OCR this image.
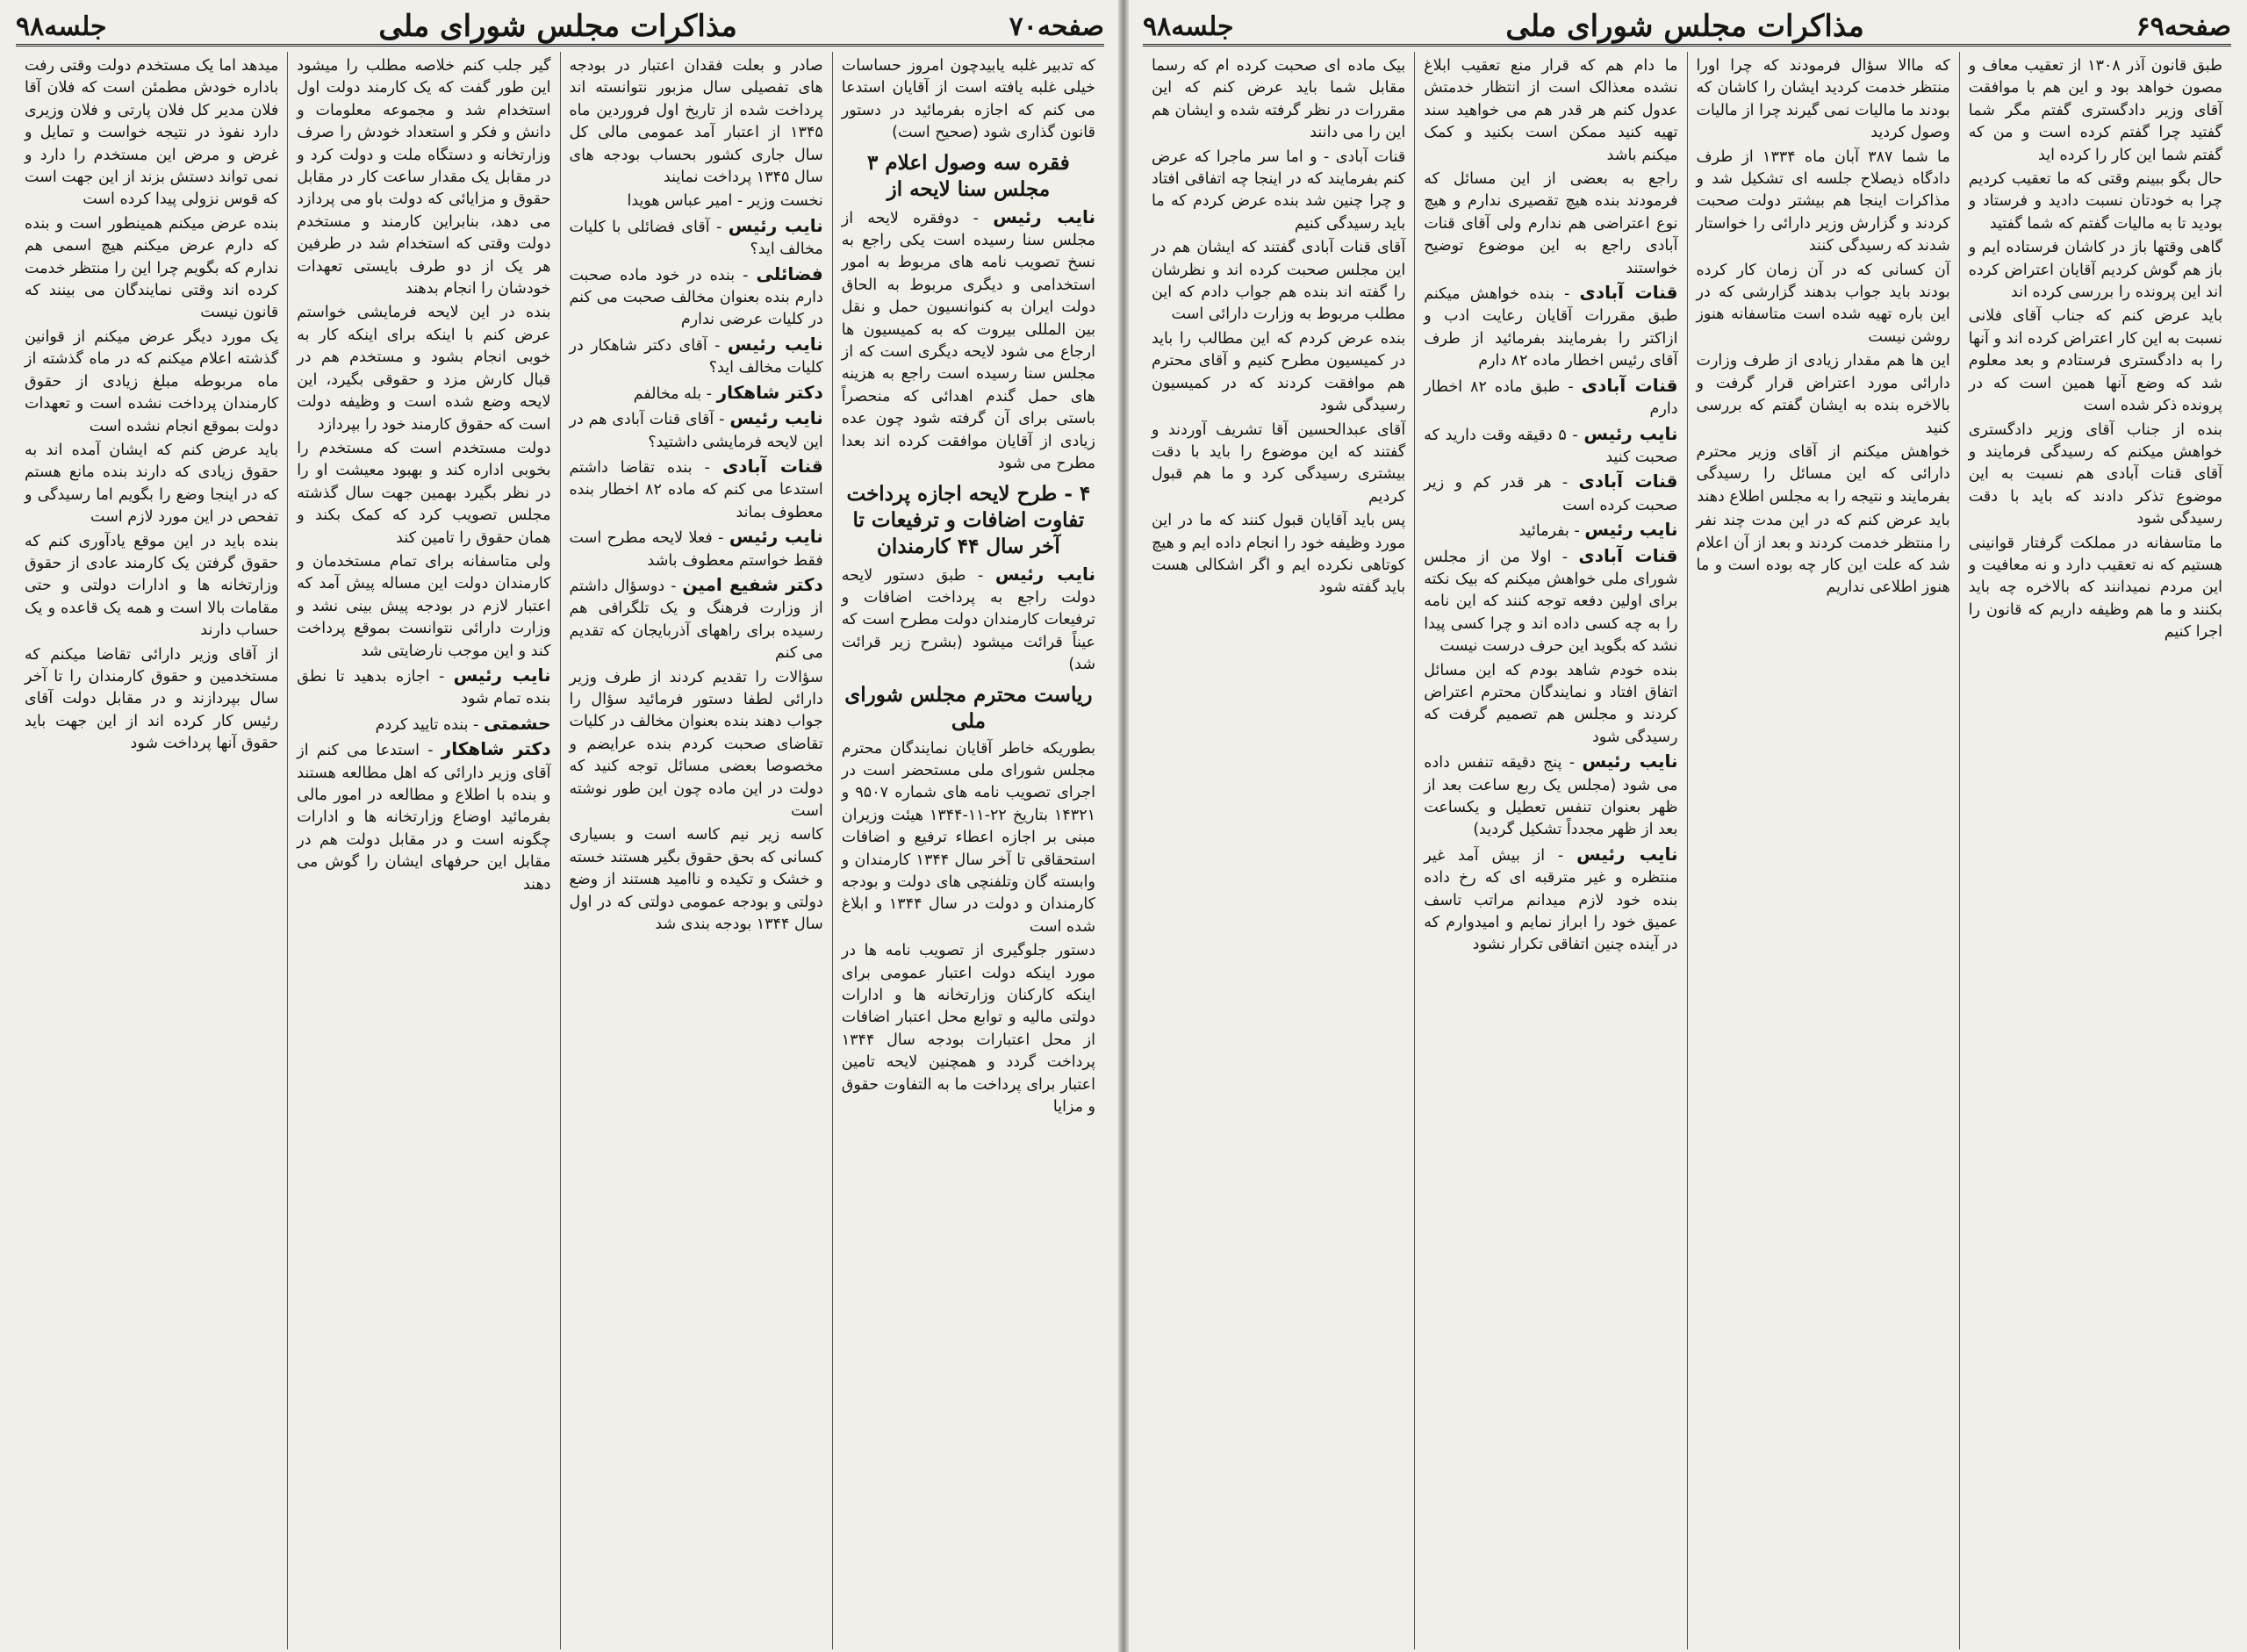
صفحه۷۰
مذاکرات مجلس شورای ملی
جلسه۹۸

که تدبیر غلبه یابیدچون امروز حساسات خیلی غلبه یافته است از آقایان استدعا می کنم که اجازه بفرمائید در دستور قانون گذاری شود (صحیح است)

فقره سه وصول اعلام ۳ مجلس سنا لایحه از

نایب رئیس - دوفقره لایحه از مجلس سنا رسیده است یکی راجع به نسخ تصویب نامه های مربوط به امور استخدامی و دیگری مربوط به الحاق دولت ایران به کنوانسیون حمل و نقل بین المللی بیروت که به کمیسیون ها ارجاع می شود لایحه دیگری است که از مجلس سنا رسیده است راجع به هزینه های حمل گندم اهدائی که منحصراً باستی برای آن گرفته شود چون عده زیادی از آقایان موافقت کرده اند بعدا مطرح می شود

۴ - طرح لایحه اجازه پرداخت تفاوت اضافات و ترفیعات تا آخر سال ۴۴ کارمندان

نایب رئیس - طبق دستور لایحه دولت راجع به پرداخت اضافات و ترفیعات کارمندان دولت مطرح است که عیناً قرائت میشود (بشرح زیر قرائت شد)

ریاست محترم مجلس شورای ملی

بطوریکه خاطر آقایان نمایندگان محترم مجلس شورای ملی مستحضر است در اجرای تصویب نامه های شماره ۹۵۰۷ و ۱۴۳۲۱ بتاریخ ۲۲-۱۱-۱۳۴۴ هیئت وزیران مبنی بر اجازه اعطاء ترفیع و اضافات استحقاقی تا آخر سال ۱۳۴۴ کارمندان و وابسته گان وتلفنچی های دولت و بودجه کارمندان و دولت در سال ۱۳۴۴ و ابلاغ شده است

دستور جلوگیری از تصویب نامه ها در مورد اینکه دولت اعتبار عمومی برای اینکه کارکنان وزارتخانه ها و ادارات دولتی مالیه و توابع محل اعتبار اضافات از محل اعتبارات بودجه سال ۱۳۴۴ پرداخت گردد و همچنین لایحه تامین اعتبار برای پرداخت ما به التفاوت حقوق و مزایا

صادر و بعلت فقدان اعتبار در بودجه های تفصیلی سال مزبور نتوانسته اند پرداخت شده از تاریخ اول فروردین ماه ۱۳۴۵ از اعتبار آمد عمومی مالی کل سال جاری کشور بحساب بودجه های سال ۱۳۴۵ پرداخت نمایند

نخست وزیر - امیر عباس هویدا

نایب رئیس - آقای فضائلی با کلیات مخالف اید؟

فضائلی - بنده در خود ماده صحبت دارم بنده بعنوان مخالف صحبت می کنم در کلیات عرضی ندارم

نایب رئیس - آقای دکتر شاهکار در کلیات مخالف اید؟

دکتر شاهکار - بله مخالفم

نایب رئیس - آقای قنات آبادی هم در این لایحه فرمایشی داشتید؟

قنات آبادی - بنده تقاضا داشتم استدعا می کنم که ماده ۸۲ اخطار بنده معطوف بماند

نایب رئیس - فعلا لایحه مطرح است فقط خواستم معطوف باشد

دکتر شفیع امین - دوسؤال داشتم از وزارت فرهنگ و یک تلگرافی هم رسیده برای راههای آذربایجان که تقدیم می کنم

سؤالات را تقدیم کردند از طرف وزیر دارائی لطفا دستور فرمائید سؤال را جواب دهند بنده بعنوان مخالف در کلیات تقاضای صحبت کردم بنده عرایضم و مخصوصا بعضی مسائل توجه کنید که دولت در این ماده چون این طور نوشته است

کاسه زیر نیم کاسه است و بسیاری کسانی که بحق حقوق بگیر هستند خسته و خشک و تکیده و ناامید هستند از وضع دولتی و بودجه عمومی دولتی که در اول سال ۱۳۴۴ بودجه بندی شد

گیر جلب کنم خلاصه مطلب را میشود این طور گفت که یک کارمند دولت اول استخدام شد و مجموعه معلومات و دانش و فکر و استعداد خودش را صرف وزارتخانه و دستگاه ملت و دولت کرد و در مقابل یک مقدار ساعت کار در مقابل حقوق و مزایائی که دولت باو می پردازد می دهد، بنابراین کارمند و مستخدم دولت وقتی که استخدام شد در طرفین هر یک از دو طرف بایستی تعهدات خودشان را انجام بدهند

بنده در این لایحه فرمایشی خواستم عرض کنم با اینکه برای اینکه کار به خوبی انجام بشود و مستخدم هم در قبال کارش مزد و حقوقی بگیرد، این لایحه وضع شده است و وظیفه دولت است که حقوق کارمند خود را بپردازد

دولت مستخدم است که مستخدم را بخوبی اداره کند و بهبود معیشت او را در نظر بگیرد بهمین جهت سال گذشته مجلس تصویب کرد که کمک بکند و همان حقوق را تامین کند

ولی متاسفانه برای تمام مستخدمان و کارمندان دولت این مساله پیش آمد که اعتبار لازم در بودجه پیش بینی نشد و وزارت دارائی نتوانست بموقع پرداخت کند و این موجب نارضایتی شد

نایب رئیس - اجازه بدهید تا نطق بنده تمام شود

حشمتی - بنده تایید کردم

دکتر شاهکار - استدعا می کنم از آقای وزیر دارائی که اهل مطالعه هستند و بنده با اطلاع و مطالعه در امور مالی بفرمائید اوضاع وزارتخانه ها و ادارات چگونه است و در مقابل دولت هم در مقابل این حرفهای ایشان را گوش می دهند

میدهد اما یک مستخدم دولت وقتی رفت باداره خودش مطمئن است که فلان آقا فلان مدیر کل فلان پارتی و فلان وزیری دارد نفوذ در نتیجه خواست و تمایل و غرض و مرض این مستخدم را دارد و نمی تواند دستش بزند از این جهت است که قوس نزولی پیدا کرده است

بنده عرض میکنم همینطور است و بنده که دارم عرض میکنم هیچ اسمی هم ندارم که بگویم چرا این را منتظر خدمت کرده اند وقتی نمایندگان می بینند که قانون نیست

یک مورد دیگر عرض میکنم از قوانین گذشته اعلام میکنم که در ماه گذشته از ماه مربوطه مبلغ زیادی از حقوق کارمندان پرداخت نشده است و تعهدات دولت بموقع انجام نشده است

باید عرض کنم که ایشان آمده اند به حقوق زیادی که دارند بنده مانع هستم که در اینجا وضع را بگویم اما رسیدگی و تفحص در این مورد لازم است

بنده باید در این موقع یادآوری کنم که حقوق گرفتن یک کارمند عادی از حقوق وزارتخانه ها و ادارات دولتی و حتی مقامات بالا است و همه یک قاعده و یک حساب دارند

از آقای وزیر دارائی تقاضا میکنم که مستخدمین و حقوق کارمندان را تا آخر سال بپردازند و در مقابل دولت آقای رئیس کار کرده اند از این جهت باید حقوق آنها پرداخت شود

صفحه۶۹
مذاکرات مجلس شورای ملی
جلسه۹۸

طبق قانون آذر ۱۳۰۸ از تعقیب معاف و مصون خواهد بود و این هم با موافقت آقای وزیر دادگستری گفتم مگر شما گفتید چرا گفتم کرده است و من که گفتم شما این کار را کرده اید

حال بگو ببینم وقتی که ما تعقیب کردیم چرا به خودتان نسبت دادید و فرستاد و بودید تا به مالیات گفتم که شما گفتید

گاهی وقتها باز در کاشان فرستاده ایم و باز هم گوش کردیم آقایان اعتراض کرده اند این پرونده را بررسی کرده اند

باید عرض کنم که جناب آقای فلانی نسبت به این کار اعتراض کرده اند و آنها را به دادگستری فرستادم و بعد معلوم شد که وضع آنها همین است که در پرونده ذکر شده است

بنده از جناب آقای وزیر دادگستری خواهش میکنم که رسیدگی فرمایند و آقای قنات آبادی هم نسبت به این موضوع تذکر دادند که باید با دقت رسیدگی شود

ما متاسفانه در مملکت گرفتار قوانینی هستیم که نه تعقیب دارد و نه معافیت و این مردم نمیدانند که بالاخره چه باید بکنند و ما هم وظیفه داریم که قانون را اجرا کنیم

که ماالا سؤال فرمودند که چرا اورا منتظر خدمت کردید ایشان را کاشان که بودند ما مالیات نمی گیرند چرا از مالیات وصول کردید

ما شما ۳۸۷ آبان ماه ۱۳۳۴ از طرف دادگاه ذیصلاح جلسه ای تشکیل شد و مذاکرات اینجا هم بیشتر دولت صحبت کردند و گزارش وزیر دارائی را خواستار شدند که رسیدگی کنند

آن کسانی که در آن زمان کار کرده بودند باید جواب بدهند گزارشی که در این باره تهیه شده است متاسفانه هنوز روشن نیست

این ها هم مقدار زیادی از طرف وزارت دارائی مورد اعتراض قرار گرفت و بالاخره بنده به ایشان گفتم که بررسی کنید

خواهش میکنم از آقای وزیر محترم دارائی که این مسائل را رسیدگی بفرمایند و نتیجه را به مجلس اطلاع دهند

باید عرض کنم که در این مدت چند نفر را منتظر خدمت کردند و بعد از آن اعلام شد که علت این کار چه بوده است و ما هنوز اطلاعی نداریم

ما دام هم که قرار منع تعقیب ابلاغ نشده معذالک است از انتظار خدمتش عدول کنم هر قدر هم می خواهید سند تهیه کنید ممکن است بکنید و کمک میکنم باشد

راجع به بعضی از این مسائل که فرمودند بنده هیچ تقصیری ندارم و هیچ نوع اعتراضی هم ندارم ولی آقای قنات آبادی راجع به این موضوع توضیح خواستند

قنات آبادی - بنده خواهش میکنم طبق مقررات آقایان رعایت ادب و ازاکتر را بفرمایند بفرمائید از طرف آقای رئیس اخطار ماده ۸۲ دارم

قنات آبادی - طبق ماده ۸۲ اخطار دارم

نایب رئیس - ۵ دقیقه وقت دارید که صحبت کنید

قنات آبادی - هر قدر کم و زیر صحبت کرده است

نایب رئیس - بفرمائید

قنات آبادی - اولا من از مجلس شورای ملی خواهش میکنم که بیک نکته برای اولین دفعه توجه کنند که این نامه را به چه کسی داده اند و چرا کسی پیدا نشد که بگوید این حرف درست نیست

بنده خودم شاهد بودم که این مسائل اتفاق افتاد و نمایندگان محترم اعتراض کردند و مجلس هم تصمیم گرفت که رسیدگی شود

نایب رئیس - پنج دقیقه تنفس داده می شود (مجلس یک ربع ساعت بعد از ظهر بعنوان تنفس تعطیل و یکساعت بعد از ظهر مجدداً تشکیل گردید)

نایب رئیس - از بیش آمد غیر منتظره و غیر مترقبه ای که رخ داده بنده خود لازم میدانم مراتب تاسف عمیق خود را ابراز نمایم و امیدوارم که در آینده چنین اتفاقی تکرار نشود

بیک ماده ای صحبت کرده ام که رسما مقابل شما باید عرض کنم که این مقررات در نظر گرفته شده و ایشان هم این را می دانند

قنات آبادی - و اما سر ماجرا که عرض کنم بفرمایند که در اینجا چه اتفاقی افتاد و چرا چنین شد بنده عرض کردم که ما باید رسیدگی کنیم

آقای قنات آبادی گفتند که ایشان هم در این مجلس صحبت کرده اند و نظرشان را گفته اند بنده هم جواب دادم که این مطلب مربوط به وزارت دارائی است

بنده عرض کردم که این مطالب را باید در کمیسیون مطرح کنیم و آقای محترم هم موافقت کردند که در کمیسیون رسیدگی شود

آقای عبدالحسین آقا تشریف آوردند و گفتند که این موضوع را باید با دقت بیشتری رسیدگی کرد و ما هم قبول کردیم

پس باید آقایان قبول کنند که ما در این مورد وظیفه خود را انجام داده ایم و هیچ کوتاهی نکرده ایم و اگر اشکالی هست باید گفته شود
